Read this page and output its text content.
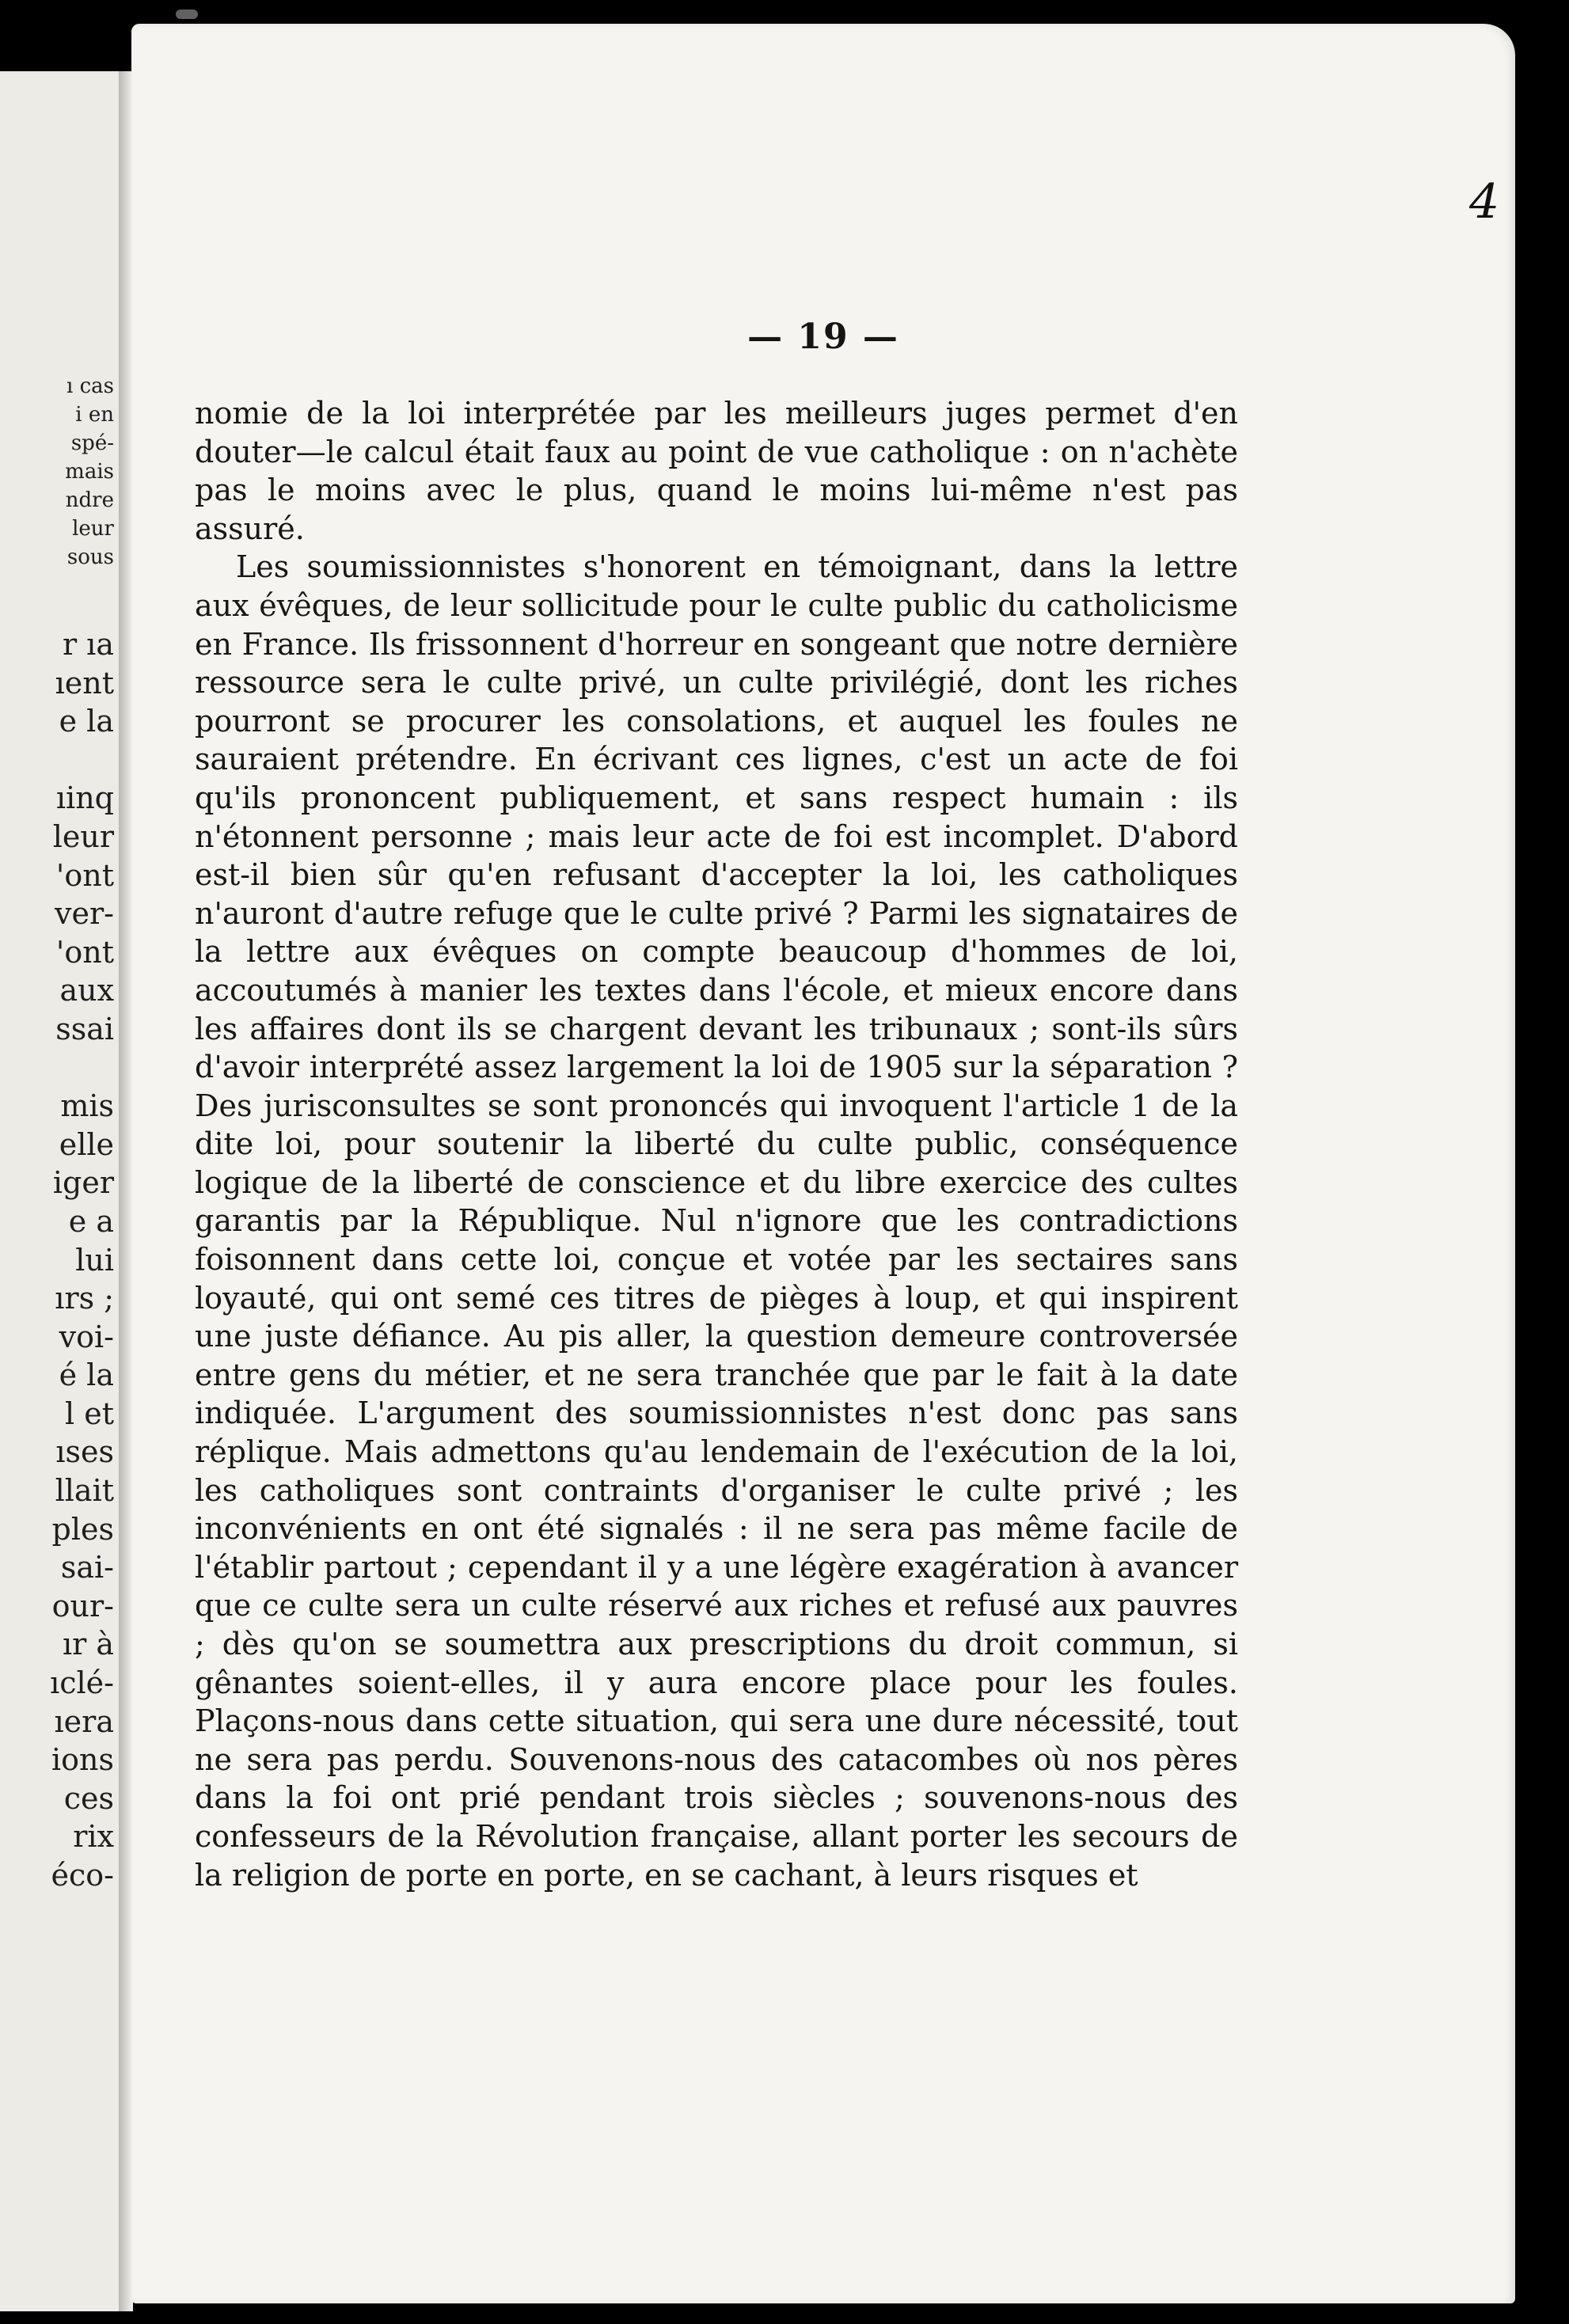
ı cas
i en
spé-
mais
ndre
leur
sous
r ıa
ıent
e la

ıinq
leur
'ont
ver-
'ont
aux
ssai

mis
elle
iger
e a
lui
ırs ;
voi-
é la
l et
ıses
llait
ples
sai-
our-
ır à
ıclé-
ıera
ions
ces
rix
éco-
4
— 19 —

nomie de la loi interprétée par les meilleurs juges permet d'en douter—le calcul était faux au point de vue catholique : on n'achète pas le moins avec le plus, quand le moins lui-même n'est pas assuré.

Les soumissionnistes s'honorent en témoignant, dans la lettre aux évêques, de leur sollicitude pour le culte public du catholicisme en France. Ils frissonnent d'horreur en songeant que notre dernière ressource sera le culte privé, un culte privilégié, dont les riches pourront se procurer les consolations, et auquel les foules ne sauraient prétendre. En écrivant ces lignes, c'est un acte de foi qu'ils prononcent publiquement, et sans respect humain : ils n'étonnent personne ; mais leur acte de foi est incomplet. D'abord est-il bien sûr qu'en refusant d'accepter la loi, les catholiques n'auront d'autre refuge que le culte privé ? Parmi les signataires de la lettre aux évêques on compte beaucoup d'hommes de loi, accoutumés à manier les textes dans l'école, et mieux encore dans les affaires dont ils se chargent devant les tribunaux ; sont-ils sûrs d'avoir interprété assez largement la loi de 1905 sur la séparation ? Des jurisconsultes se sont prononcés qui invoquent l'article 1 de la dite loi, pour soutenir la liberté du culte public, conséquence logique de la liberté de conscience et du libre exercice des cultes garantis par la République. Nul n'ignore que les contradictions foisonnent dans cette loi, conçue et votée par les sectaires sans loyauté, qui ont semé ces titres de pièges à loup, et qui inspirent une juste défiance. Au pis aller, la question demeure controversée entre gens du métier, et ne sera tranchée que par le fait à la date indiquée. L'argument des soumissionnistes n'est donc pas sans réplique. Mais admettons qu'au lendemain de l'exécution de la loi, les catholiques sont contraints d'organiser le culte privé ; les inconvénients en ont été signalés : il ne sera pas même facile de l'établir partout ; cependant il y a une légère exagération à avancer que ce culte sera un culte réservé aux riches et refusé aux pauvres ; dès qu'on se soumettra aux prescriptions du droit commun, si gênantes soient-elles, il y aura encore place pour les foules. Plaçons-nous dans cette situation, qui sera une dure nécessité, tout ne sera pas perdu. Souvenons-nous des catacombes où nos pères dans la foi ont prié pendant trois siècles ; souvenons-nous des confesseurs de la Révolution française, allant porter les secours de la religion de porte en porte, en se cachant, à leurs risques et
